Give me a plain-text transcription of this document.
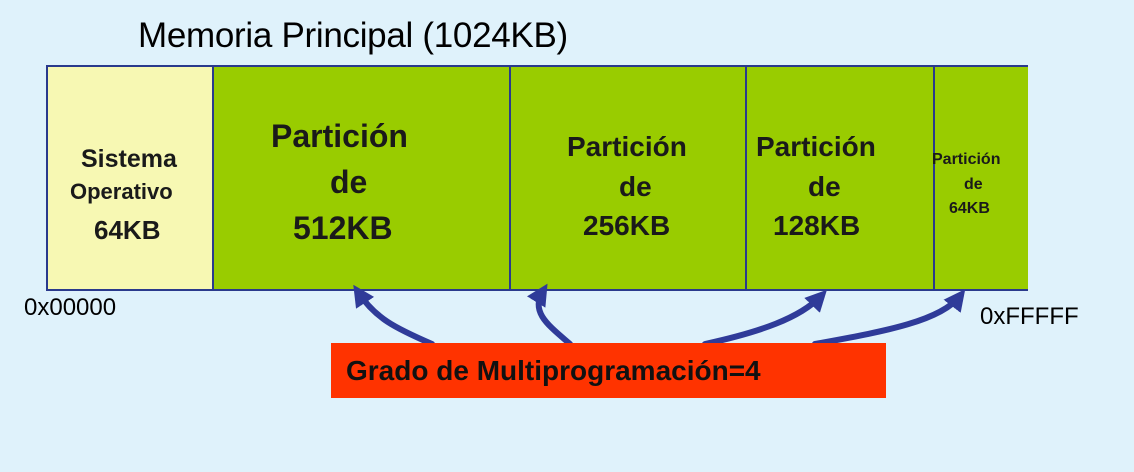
Memoria Principal (1024KB)
Sistema
Operativo
64KB
Partición
de
512KB
Partición
de
256KB
Partición
de
128KB
Partición
de
64KB
0x00000	0xFFFFF
Grado de Multiprogramación=4
